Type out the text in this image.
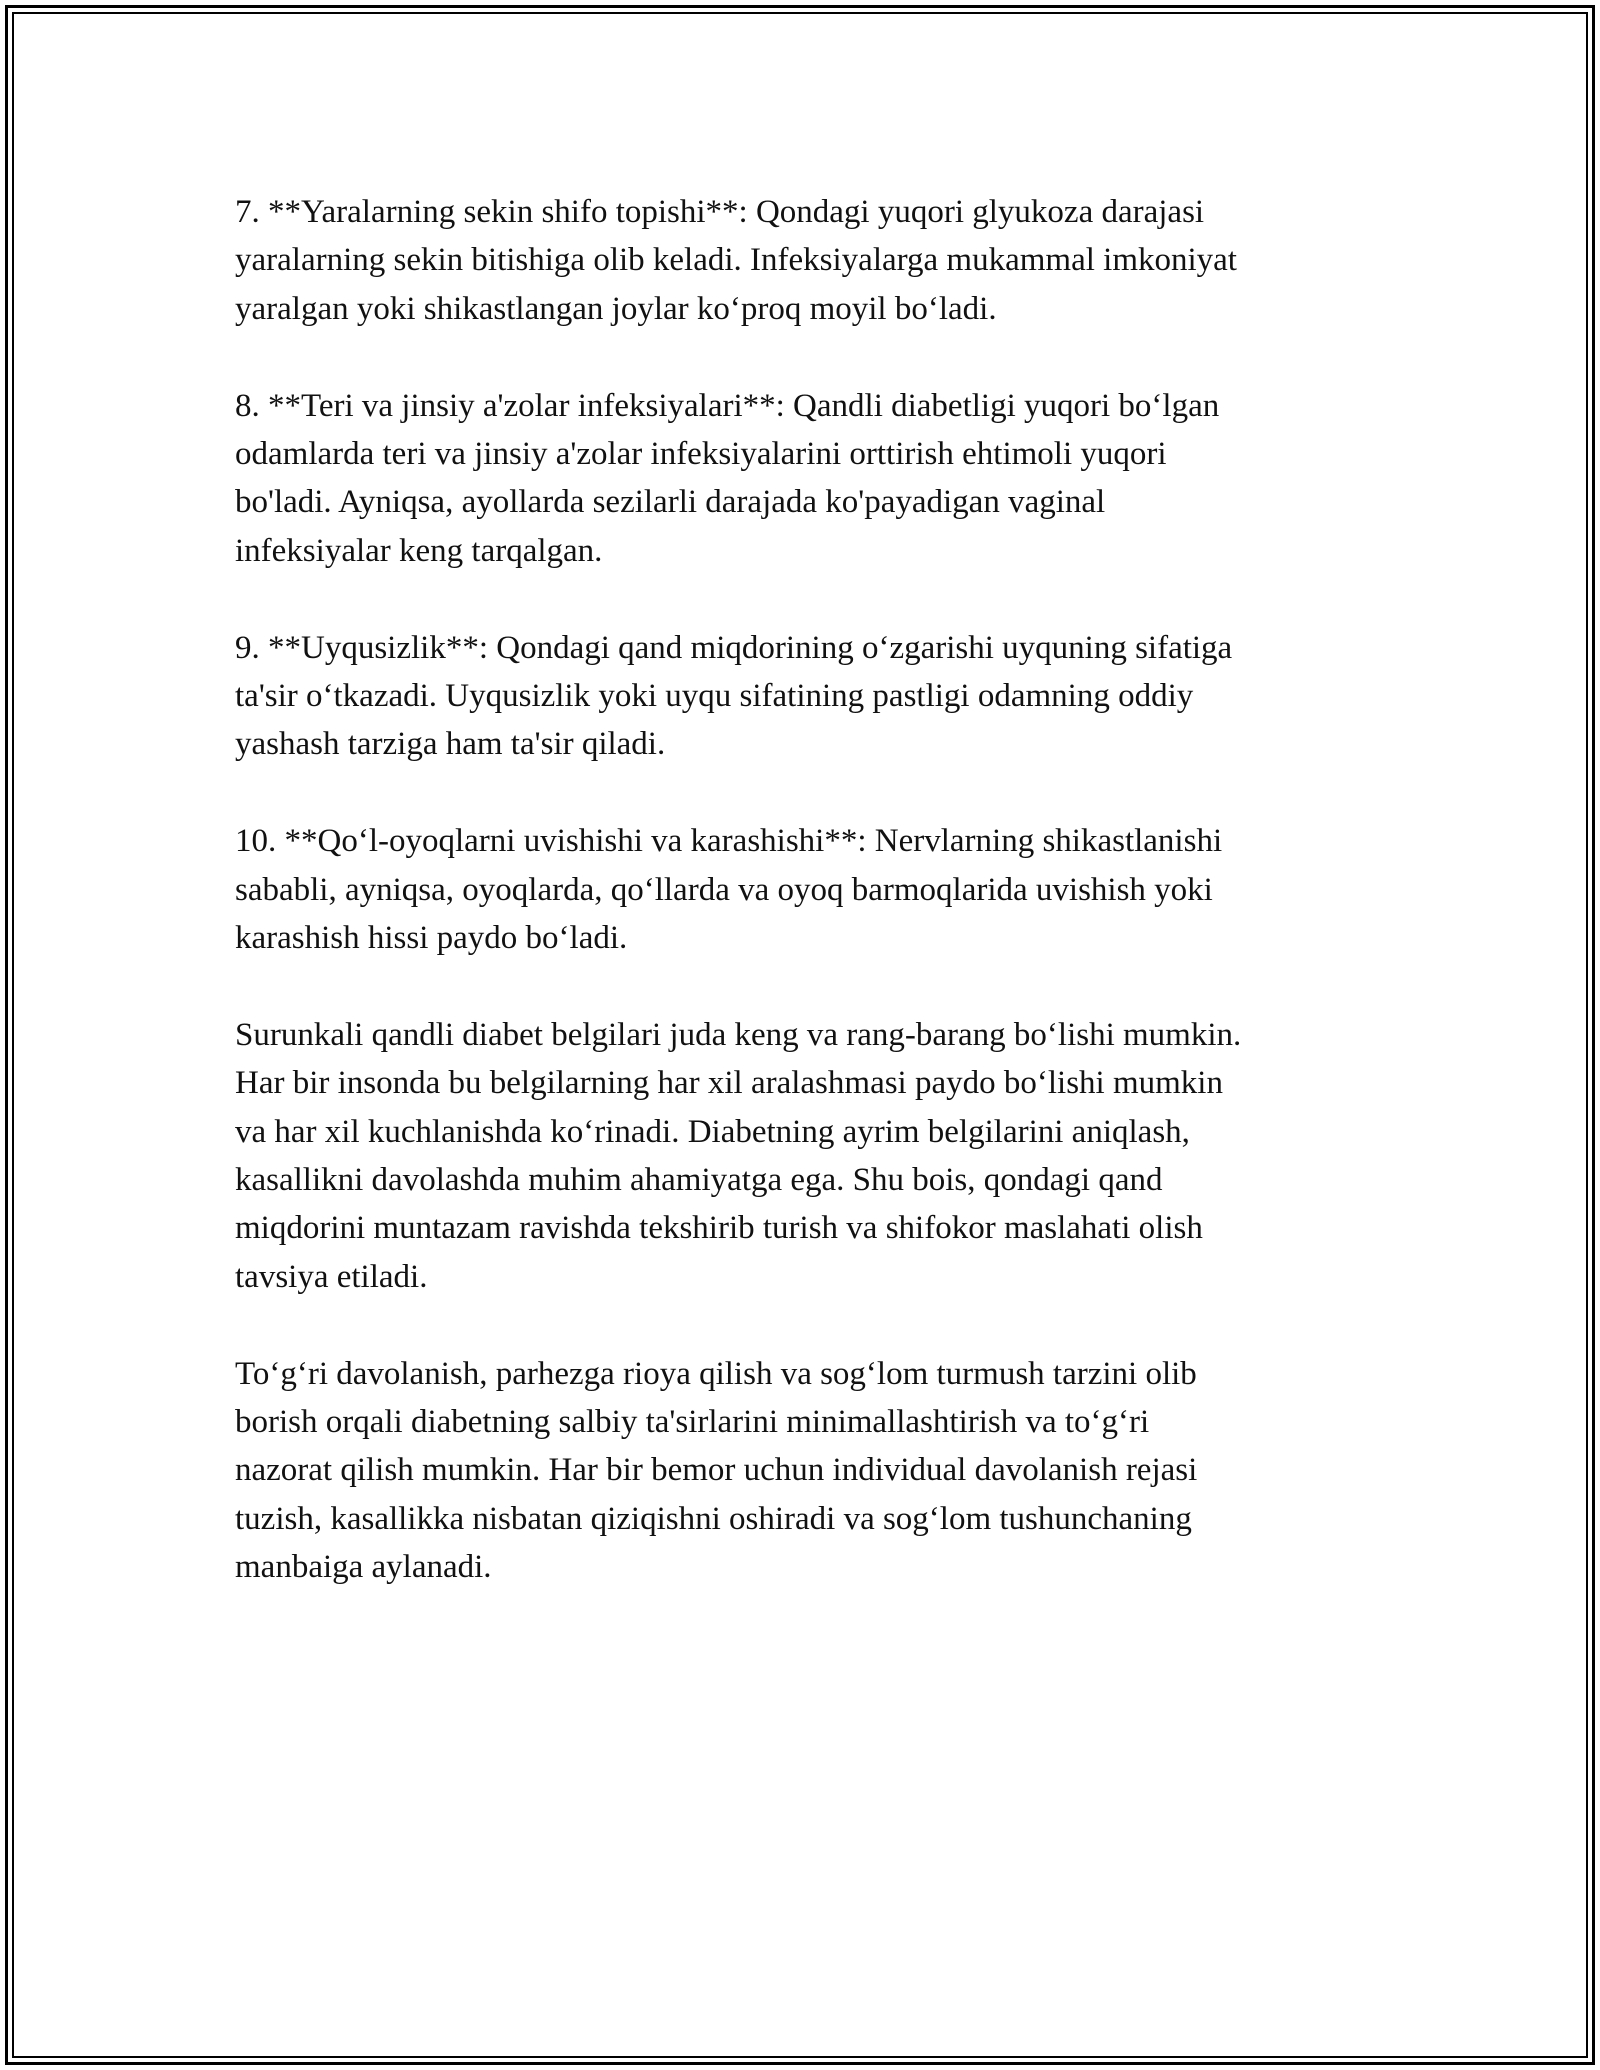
7. **Yaralarning sekin shifo topishi**: Qondagi yuqori glyukoza darajasi
yaralarning sekin bitishiga olib keladi. Infeksiyalarga mukammal imkoniyat
yaralgan yoki shikastlangan joylar ko‘proq moyil bo‘ladi.

8. **Teri va jinsiy a'zolar infeksiyalari**: Qandli diabetligi yuqori bo‘lgan
odamlarda teri va jinsiy a'zolar infeksiyalarini orttirish ehtimoli yuqori
bo'ladi. Ayniqsa, ayollarda sezilarli darajada ko'payadigan vaginal
infeksiyalar keng tarqalgan.

9. **Uyqusizlik**: Qondagi qand miqdorining o‘zgarishi uyquning sifatiga
ta'sir o‘tkazadi. Uyqusizlik yoki uyqu sifatining pastligi odamning oddiy
yashash tarziga ham ta'sir qiladi.

10. **Qo‘l-oyoqlarni uvishishi va karashishi**: Nervlarning shikastlanishi
sababli, ayniqsa, oyoqlarda, qo‘llarda va oyoq barmoqlarida uvishish yoki
karashish hissi paydo bo‘ladi.

Surunkali qandli diabet belgilari juda keng va rang-barang bo‘lishi mumkin.
Har bir insonda bu belgilarning har xil aralashmasi paydo bo‘lishi mumkin
va har xil kuchlanishda ko‘rinadi. Diabetning ayrim belgilarini aniqlash,
kasallikni davolashda muhim ahamiyatga ega. Shu bois, qondagi qand
miqdorini muntazam ravishda tekshirib turish va shifokor maslahati olish
tavsiya etiladi.

To‘g‘ri davolanish, parhezga rioya qilish va sog‘lom turmush tarzini olib
borish orqali diabetning salbiy ta'sirlarini minimallashtirish va to‘g‘ri
nazorat qilish mumkin. Har bir bemor uchun individual davolanish rejasi
tuzish, kasallikka nisbatan qiziqishni oshiradi va sog‘lom tushunchaning
manbaiga aylanadi.
